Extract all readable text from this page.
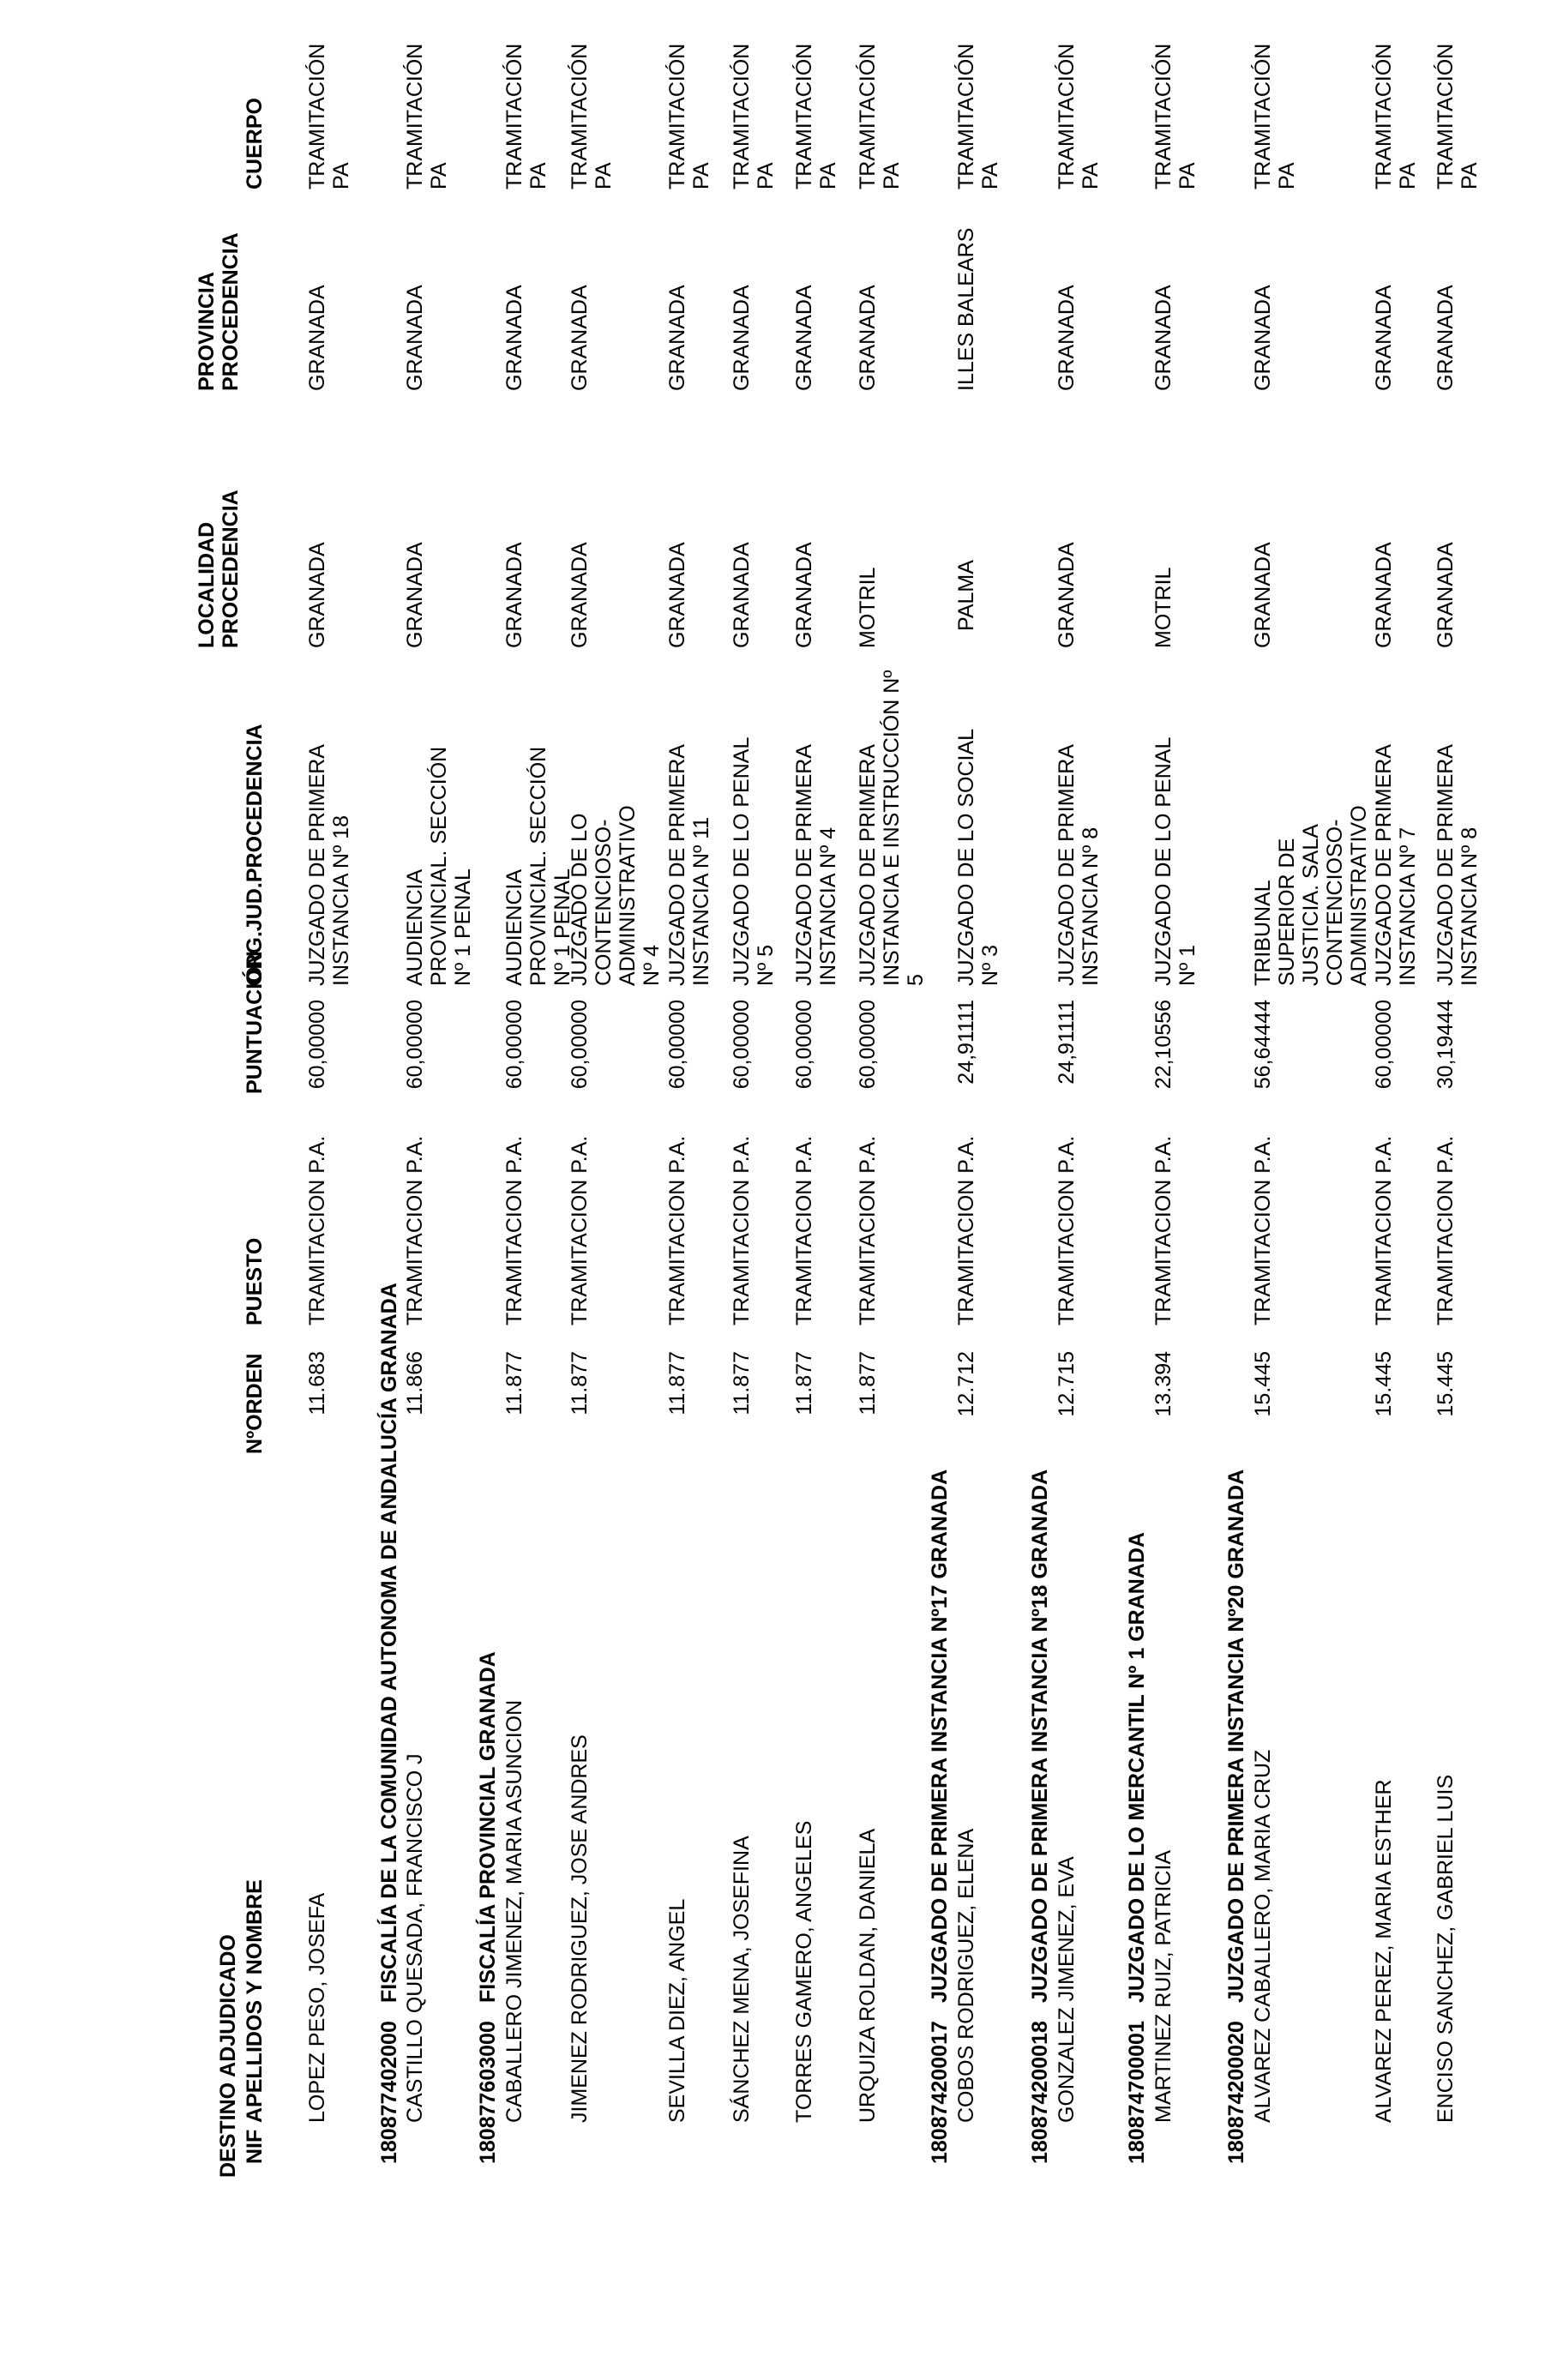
DESTINO ADJUDICADO NIF
APELLIDOS Y NOMBRE
NºORDEN
PUESTO
PUNTUACIÓN
ORG.JUD.PROCEDENCIA
LOCALIDAD PROCEDENCIA
PROVINCIA PROCEDENCIA
CUERPO
LOPEZ PESO, JOSEFA
11.683
TRAMITACION P.A.
60,00000
JUZGADO DE PRIMERA INSTANCIA Nº 18
GRANADA
GRANADA
TRAMITACIÓN PA
180877402000
FISCALÍA DE LA COMUNIDAD AUTONOMA DE ANDALUCÍA GRANADA CASTILLO QUESADA, FRANCISCO J
11.866
TRAMITACION P.A.
60,00000
AUDIENCIA PROVINCIAL. SECCIÓN Nº 1 PENAL
GRANADA
GRANADA
TRAMITACIÓN PA
180877603000
FISCALÍA PROVINCIAL GRANADA CABALLERO JIMENEZ, MARIA ASUNCION
11.877
TRAMITACION P.A.
60,00000
AUDIENCIA PROVINCIAL. SECCIÓN Nº 1 PENAL
GRANADA
GRANADA
TRAMITACIÓN PA
JIMENEZ RODRIGUEZ, JOSE ANDRES
11.877
TRAMITACION P.A.
60,00000
JUZGADO DE LO CONTENCIOSO-ADMINISTRATIVO Nº 4
GRANADA
GRANADA
TRAMITACIÓN PA
SEVILLA DIEZ, ANGEL
11.877
TRAMITACION P.A.
60,00000
JUZGADO DE PRIMERA INSTANCIA Nº 11
GRANADA
GRANADA
TRAMITACIÓN PA
SÁNCHEZ MENA, JOSEFINA
11.877
TRAMITACION P.A.
60,00000
JUZGADO DE LO PENAL Nº 5
GRANADA
GRANADA
TRAMITACIÓN PA
TORRES GAMERO, ANGELES
11.877
TRAMITACION P.A.
60,00000
JUZGADO DE PRIMERA INSTANCIA Nº 4
GRANADA
GRANADA
TRAMITACIÓN PA
URQUIZA ROLDAN, DANIELA
11.877
TRAMITACION P.A.
60,00000
JUZGADO DE PRIMERA INSTANCIA E INSTRUCCIÓN Nº 5
MOTRIL
GRANADA
TRAMITACIÓN PA
180874200017
JUZGADO DE PRIMERA INSTANCIA Nº17 GRANADA COBOS RODRIGUEZ, ELENA
12.712
TRAMITACION P.A.
24,91111
JUZGADO DE LO SOCIAL Nº 3
PALMA
ILLES BALEARS
TRAMITACIÓN PA
180874200018
JUZGADO DE PRIMERA INSTANCIA Nº18 GRANADA GONZALEZ JIMENEZ, EVA
12.715
TRAMITACION P.A.
24,91111
JUZGADO DE PRIMERA INSTANCIA Nº 8
GRANADA
GRANADA
TRAMITACIÓN PA
180874700001
JUZGADO DE LO MERCANTIL Nº 1 GRANADA MARTINEZ RUIZ, PATRICIA
13.394
TRAMITACION P.A.
22,10556
JUZGADO DE LO PENAL Nº 1
MOTRIL
GRANADA
TRAMITACIÓN PA
180874200020
JUZGADO DE PRIMERA INSTANCIA Nº20 GRANADA ALVAREZ CABALLERO, MARIA CRUZ
15.445
TRAMITACION P.A.
56,64444
TRIBUNAL SUPERIOR DE JUSTICIA. SALA CONTENCIOSO-ADMINISTRATIVO
GRANADA
GRANADA
TRAMITACIÓN PA
ALVAREZ PEREZ, MARIA ESTHER
15.445
TRAMITACION P.A.
60,00000
JUZGADO DE PRIMERA INSTANCIA Nº 7
GRANADA
GRANADA
TRAMITACIÓN PA
ENCISO SANCHEZ, GABRIEL LUIS
15.445
TRAMITACION P.A.
30,19444
JUZGADO DE PRIMERA INSTANCIA Nº 8
GRANADA
GRANADA
TRAMITACIÓN PA
